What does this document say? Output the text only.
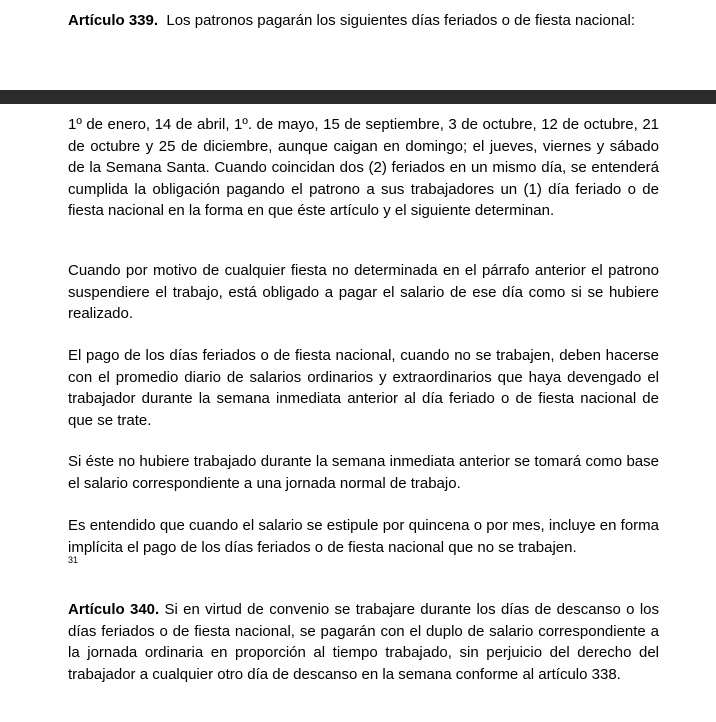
Artículo 339. Los patronos pagarán los siguientes días feriados o de fiesta nacional:
1º de enero, 14 de abril, 1º. de mayo, 15 de septiembre, 3 de octubre, 12 de octubre, 21 de octubre y 25 de diciembre, aunque caigan en domingo; el jueves, viernes y sábado de la Semana Santa. Cuando coincidan dos (2) feriados en un mismo día, se entenderá cumplida la obligación pagando el patrono a sus trabajadores un (1) día feriado o de fiesta nacional en la forma en que éste artículo y el siguiente determinan.
Cuando por motivo de cualquier fiesta no determinada en el párrafo anterior el patrono suspendiere el trabajo, está obligado a pagar el salario de ese día como si se hubiere realizado.
El pago de los días feriados o de fiesta nacional, cuando no se trabajen, deben hacerse con el promedio diario de salarios ordinarios y extraordinarios que haya devengado el trabajador durante la semana inmediata anterior al día feriado o de fiesta nacional de que se trate.
Si éste no hubiere trabajado durante la semana inmediata anterior se tomará como base el salario correspondiente a una jornada normal de trabajo.
Es entendido que cuando el salario se estipule por quincena o por mes, incluye en forma implícita el pago de los días feriados o de fiesta nacional que no se trabajen.
31
Artículo 340. Si en virtud de convenio se trabajare durante los días de descanso o los días feriados o de fiesta nacional, se pagarán con el duplo de salario correspondiente a la jornada ordinaria en proporción al tiempo trabajado, sin perjuicio del derecho del trabajador a cualquier otro día de descanso en la semana conforme al artículo 338.
